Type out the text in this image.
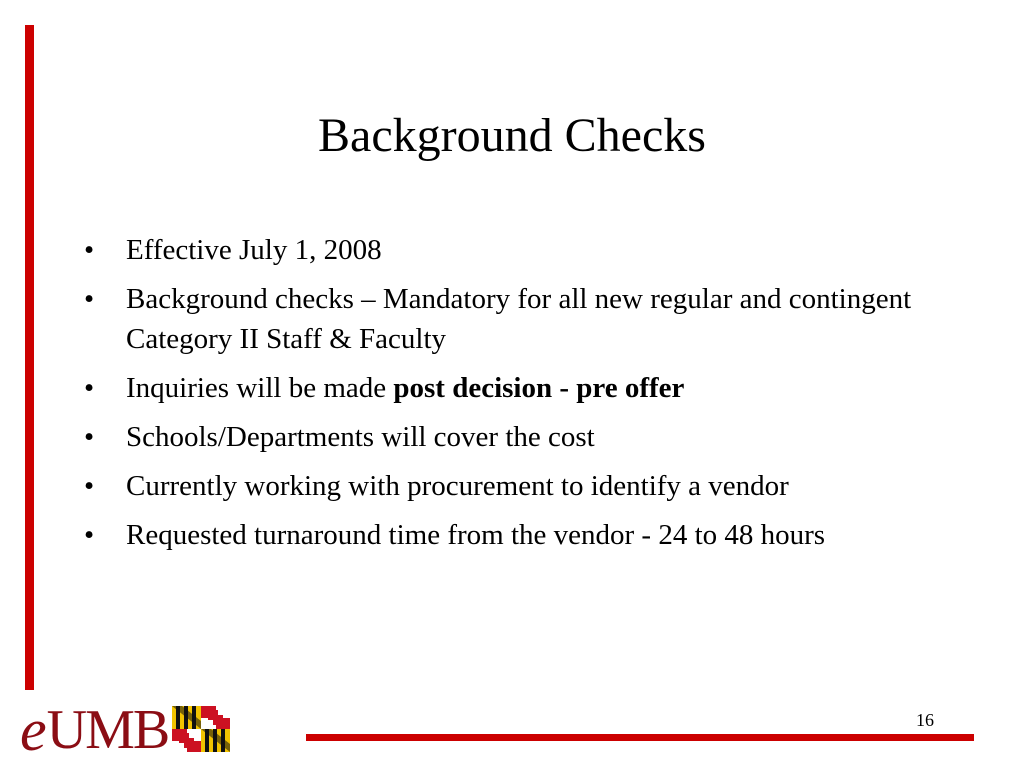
Background Checks
• Effective July 1, 2008
• Background checks – Mandatory for all new regular and contingent Category II Staff & Faculty
• Inquiries will be made post decision - pre offer
• Schools/Departments will cover the cost
• Currently working with procurement to identify a vendor
• Requested turnaround time from the vendor - 24 to 48 hours
e UMB	16
